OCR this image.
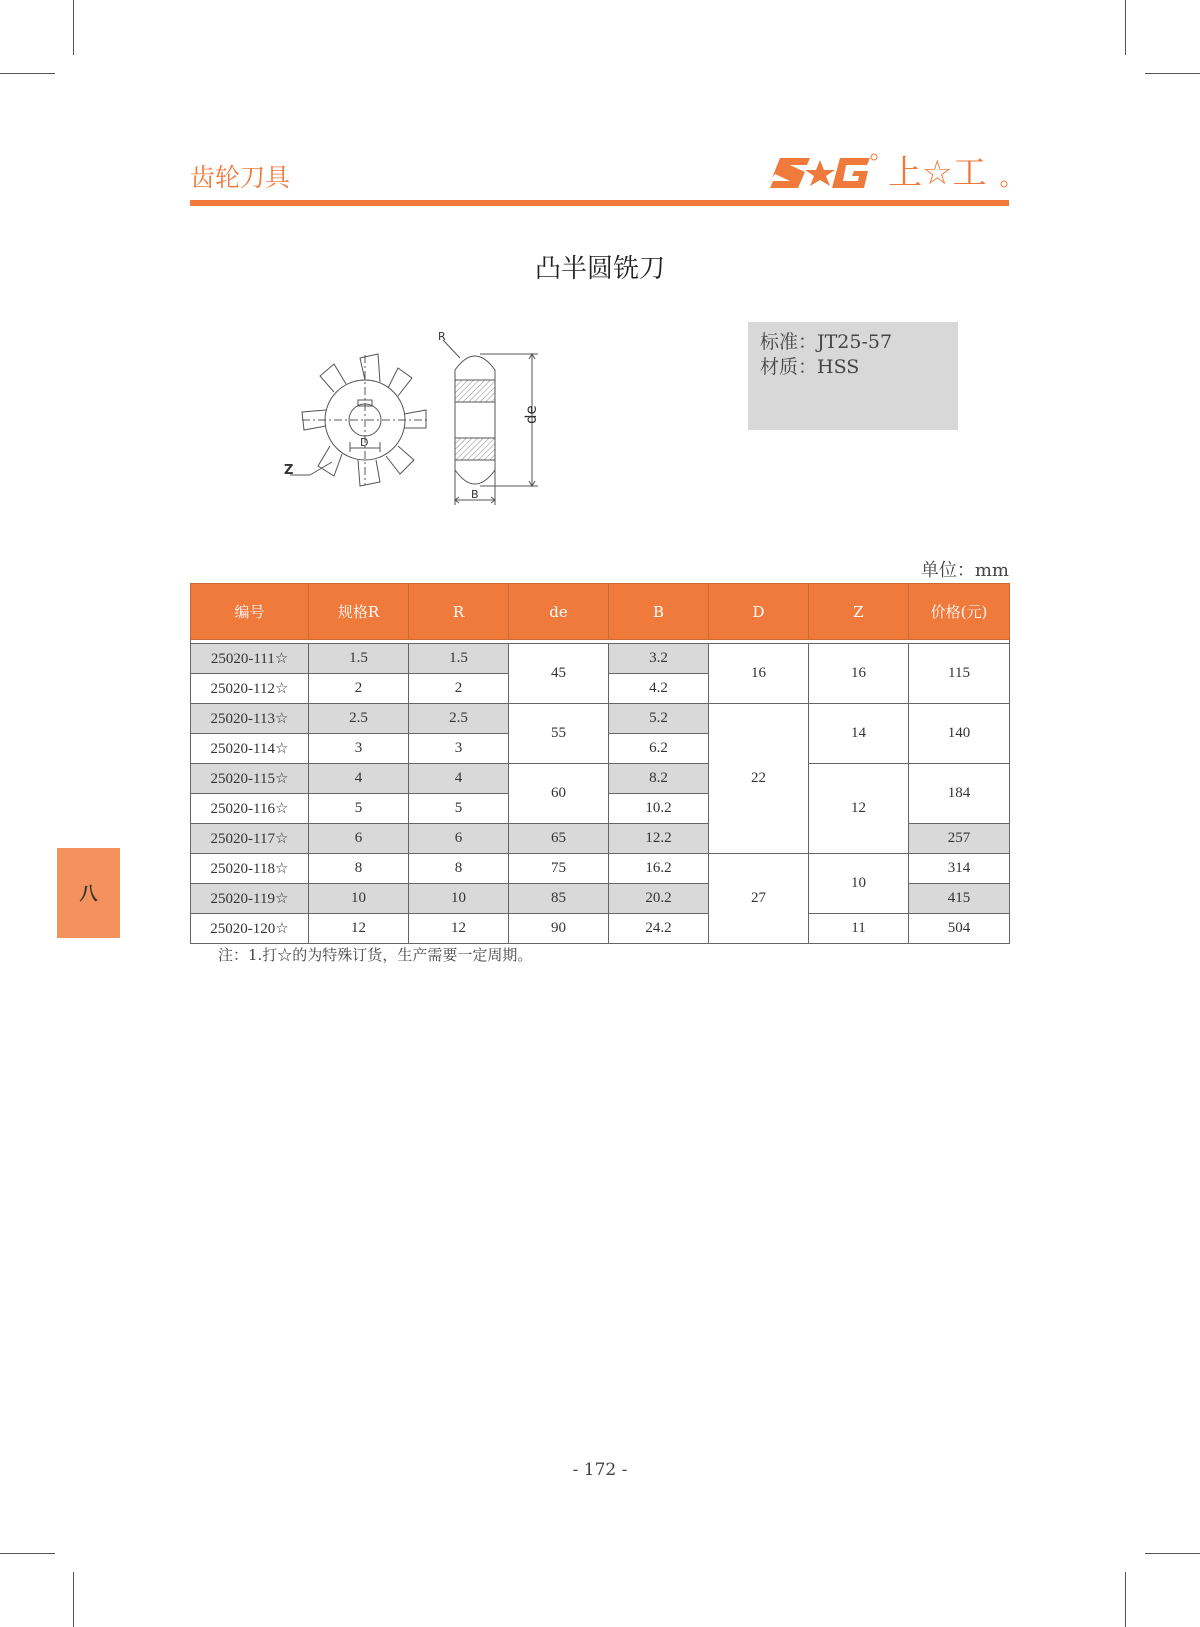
齿轮刀具	上☆工
凸半圆铣刀
R
de
D
Z
B
标准：JT25-57
材质：HSS
单位：mm
编号	规格R	R	de	B	D	Z	价格(元)

25020-111☆	1.5	1.5	45	3.2	16	16	115
25020-112☆	2	2		4.2			
25020-113☆	2.5	2.5	55	5.2	22	14	140
25020-114☆	3	3		6.2			
25020-115☆	4	4	60	8.2		12	184
25020-116☆	5	5		10.2			
25020-117☆	6	6	65	12.2			257
25020-118☆	8	8	75	16.2	27	10	314
25020-119☆	10	10	85	20.2			415
25020-120☆	12	12	90	24.2		11	504
注：1.打☆的为特殊订货，生产需要一定周期。
八
- 172 -
